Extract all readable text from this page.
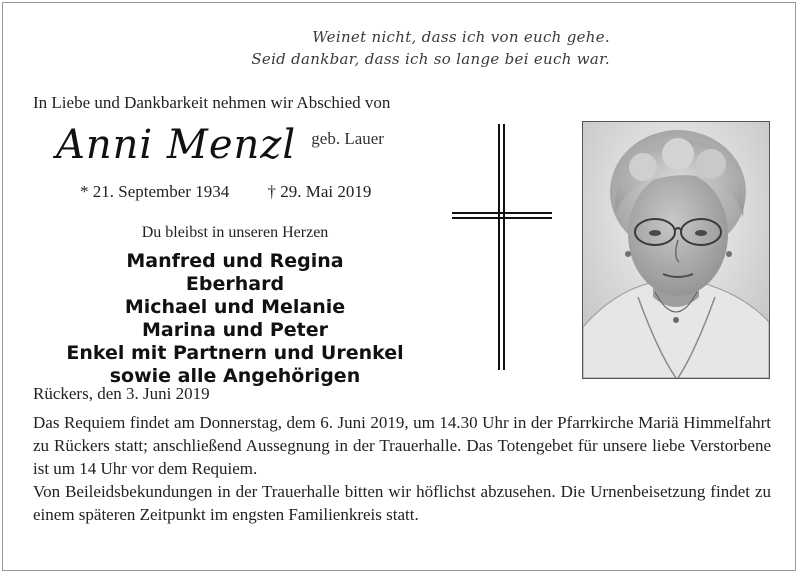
Weinet nicht, dass ich von euch gehe.
Seid dankbar, dass ich so lange bei euch war.
In Liebe und Dankbarkeit nehmen wir Abschied von
Anni Menzl geb. Lauer
* 21. September 1934 † 29. Mai 2019
Du bleibst in unseren Herzen
Manfred und Regina
Eberhard
Michael und Melanie
Marina und Peter
Enkel mit Partnern und Urenkel
sowie alle Angehörigen
Rückers, den 3. Juni 2019

Das Requiem findet am Donnerstag, dem 6. Juni 2019, um 14.30 Uhr in der Pfarrkirche Mariä Himmelfahrt zu Rückers statt; anschließend Aussegnung in der Trauerhalle. Das Totengebet für unsere liebe Verstorbene ist um 14 Uhr vor dem Requiem.

Von Beileidsbekundungen in der Trauerhalle bitten wir höflichst abzusehen. Die Urnenbeisetzung findet zu einem späteren Zeitpunkt im engsten Familienkreis statt.
